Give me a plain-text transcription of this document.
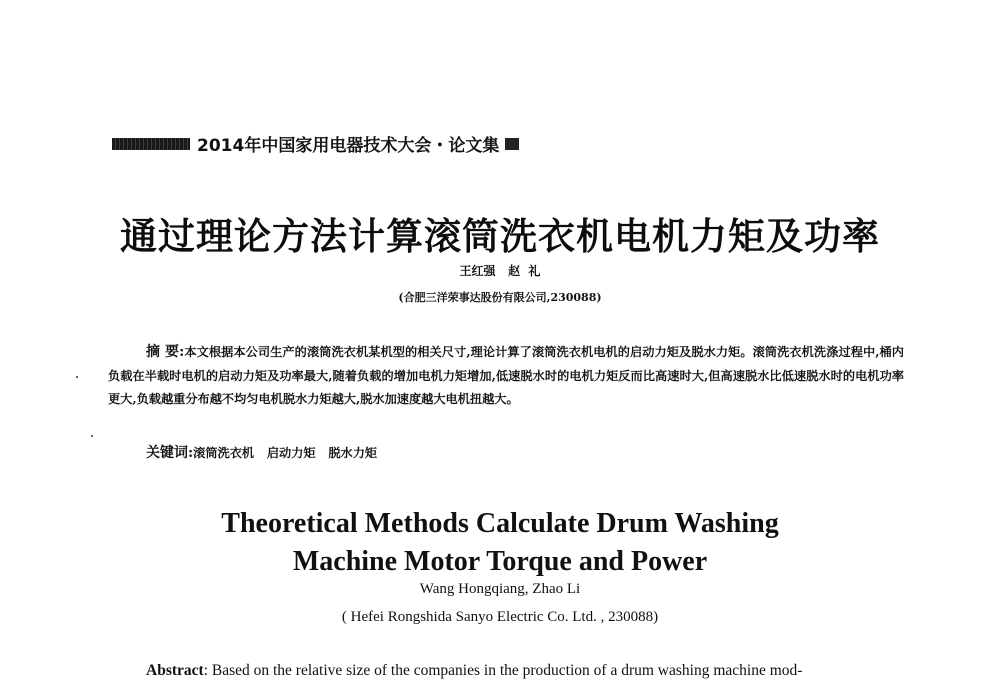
2014年中国家用电器技术大会・论文集
通过理论方法计算滚筒洗衣机电机力矩及功率
王红强   赵  礼
(合肥三洋荣事达股份有限公司,230088)
摘 要:本文根据本公司生产的滚筒洗衣机某机型的相关尺寸,理论计算了滚筒洗衣机电机的启动力矩及脱水力矩。滚筒洗衣机洗涤过程中,桶内负载在半载时电机的启动力矩及功率最大,随着负载的增加电机力矩增加,低速脱水时的电机力矩反而比高速时大,但高速脱水比低速脱水时的电机功率更大,负载越重分布越不均匀电机脱水力矩越大,脱水加速度越大电机扭越大。
关键词:滚筒洗衣机   启动力矩   脱水力矩
Theoretical Methods Calculate Drum Washing
Machine Motor Torque and Power
Wang Hongqiang, Zhao Li
( Hefei Rongshida Sanyo Electric Co. Ltd. , 230088)
Abstract: Based on the relative size of the companies in the production of a drum washing machine mod-
